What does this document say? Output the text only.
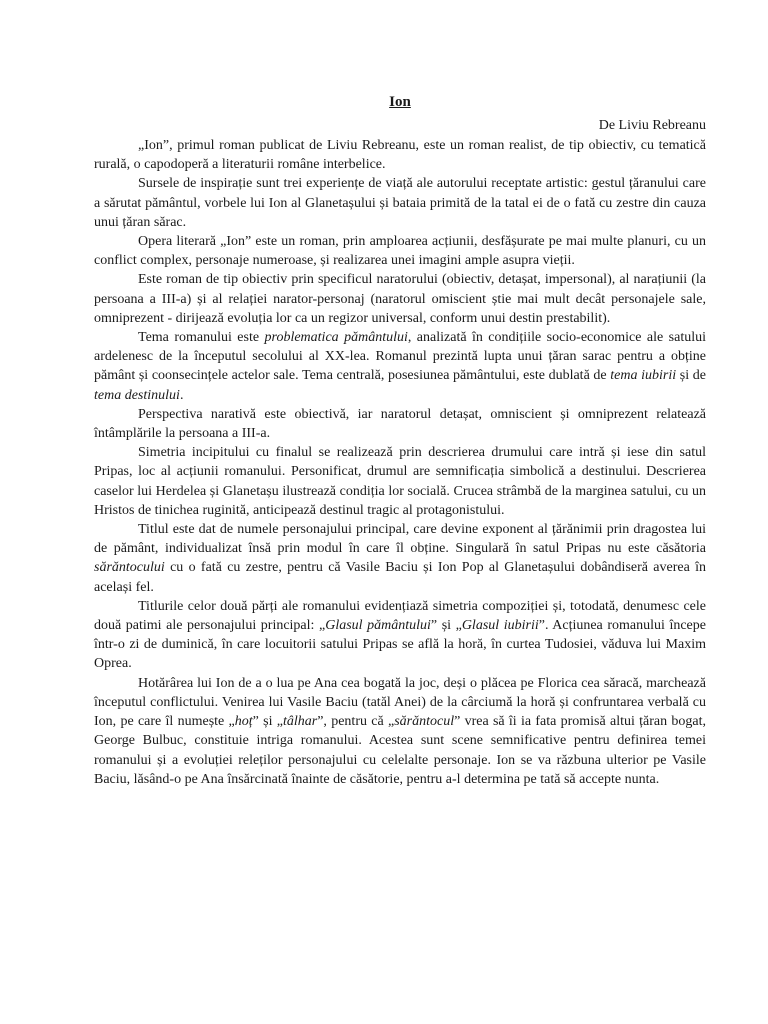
Ion
De Liviu Rebreanu

„Ion”, primul roman publicat de Liviu Rebreanu, este un roman realist, de tip obiectiv, cu tematică rurală, o capodoperă a literaturii române interbelice.

Sursele de inspirație sunt trei experiențe de viață ale autorului receptate artistic: gestul țăranului care a sărutat pământul, vorbele lui Ion al Glanetașului și bataia primită de la tatal ei de o fată cu zestre din cauza unui țăran sărac.

Opera literară „Ion” este un roman, prin amploarea acțiunii, desfășurate pe mai multe planuri, cu un conflict complex, personaje numeroase, și realizarea unei imagini ample asupra vieții.

Este roman de tip obiectiv prin specificul naratorului (obiectiv, detașat, impersonal), al narațiunii (la persoana a III-a) și al relației narator-personaj (naratorul omiscient știe mai mult decât personajele sale, omniprezent - dirijează evoluția lor ca un regizor universal, conform unui destin prestabilit).

Tema romanului este problematica pământului, analizată în condițiile socio-economice ale satului ardelenesc de la începutul secolului al XX-lea. Romanul prezintă lupta unui țăran sarac pentru a obține pământ și coonsecințele actelor sale. Tema centrală, posesiunea pământului, este dublată de tema iubirii și de tema destinului.

Perspectiva narativă este obiectivă, iar naratorul detașat, omniscient și omniprezent relatează întâmplările la persoana a III-a.

Simetria incipitului cu finalul se realizează prin descrierea drumului care intră și iese din satul Pripas, loc al acțiunii romanului. Personificat, drumul are semnificația simbolică a destinului. Descrierea caselor lui Herdelea și Glanetașu ilustrează condiția lor socială. Crucea strâmbă de la marginea satului, cu un Hristos de tinichea ruginită, anticipează destinul tragic al protagonistului.

Titlul este dat de numele personajului principal, care devine exponent al țărănimii prin dragostea lui de pământ, individualizat însă prin modul în care îl obține. Singulară în satul Pripas nu este căsătoria sărăntocului cu o fată cu zestre, pentru că Vasile Baciu și Ion Pop al Glanetașului dobândiseră averea în același fel.

Titlurile celor două părți ale romanului evidențiază simetria compoziției și, totodată, denumesc cele două patimi ale personajului principal: „Glasul pământului” și „Glasul iubirii”. Acțiunea romanului începe într-o zi de duminică, în care locuitorii satului Pripas se află la horă, în curtea Tudosiei, văduva lui Maxim Oprea.

Hotărârea lui Ion de a o lua pe Ana cea bogată la joc, deși o plăcea pe Florica cea săracă, marchează începutul conflictului. Venirea lui Vasile Baciu (tatăl Anei) de la cârciumă la horă și confruntarea verbală cu Ion, pe care îl numește „hoț” și „tâlhar”, pentru că „sărăntocul” vrea să îi ia fata promisă altui țăran bogat, George Bulbuc, constituie intriga romanului. Acestea sunt scene semnificative pentru definirea temei romanului și a evoluției releților personajului cu celelalte personaje. Ion se va răzbuna ulterior pe Vasile Baciu, lăsând-o pe Ana însărcinată înainte de căsătorie, pentru a-l determina pe tată să accepte nunta.
